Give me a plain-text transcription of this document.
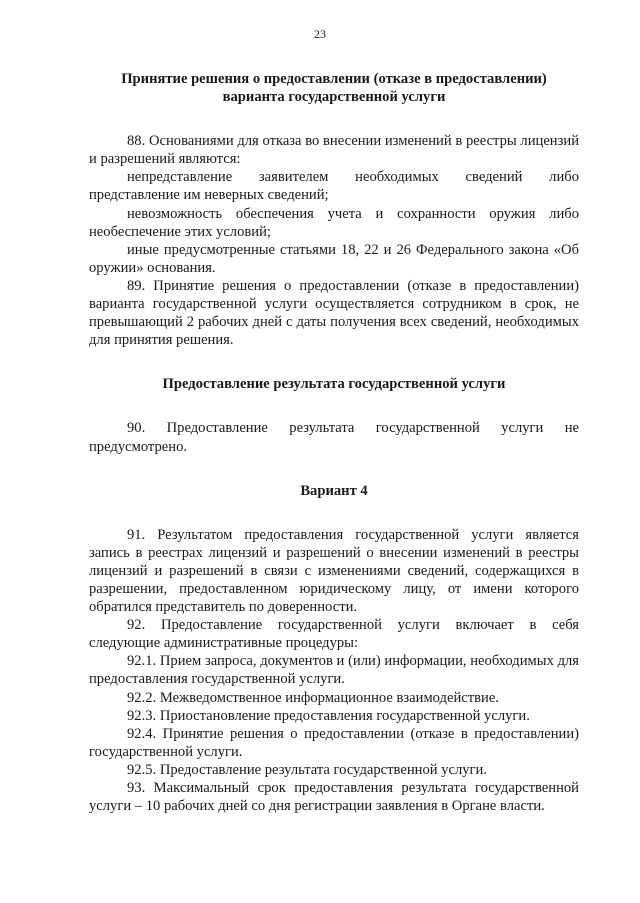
23
Принятие решения о предоставлении (отказе в предоставлении)
варианта государственной услуги

88. Основаниями для отказа во внесении изменений в реестры лицензий и разрешений являются:

непредставление заявителем необходимых сведений либо представление им неверных сведений;

невозможность обеспечения учета и сохранности оружия либо необеспечение этих условий;

иные предусмотренные статьями 18, 22 и 26 Федерального закона «Об оружии» основания.

89. Принятие решения о предоставлении (отказе в предоставлении) варианта государственной услуги осуществляется сотрудником в срок, не превышающий 2 рабочих дней с даты получения всех сведений, необходимых для принятия решения.

Предоставление результата государственной услуги

90. Предоставление результата государственной услуги не предусмотрено.

Вариант 4

91. Результатом предоставления государственной услуги является запись в реестрах лицензий и разрешений о внесении изменений в реестры лицензий и разрешений в связи с изменениями сведений, содержащихся в разрешении, предоставленном юридическому лицу, от имени которого обратился представитель по доверенности.

92. Предоставление государственной услуги включает в себя следующие административные процедуры:

92.1. Прием запроса, документов и (или) информации, необходимых для предоставления государственной услуги.

92.2. Межведомственное информационное взаимодействие.

92.3. Приостановление предоставления государственной услуги.

92.4. Принятие решения о предоставлении (отказе в предоставлении) государственной услуги.

92.5. Предоставление результата государственной услуги.

93. Максимальный срок предоставления результата государственной услуги – 10 рабочих дней со дня регистрации заявления в Органе власти.
